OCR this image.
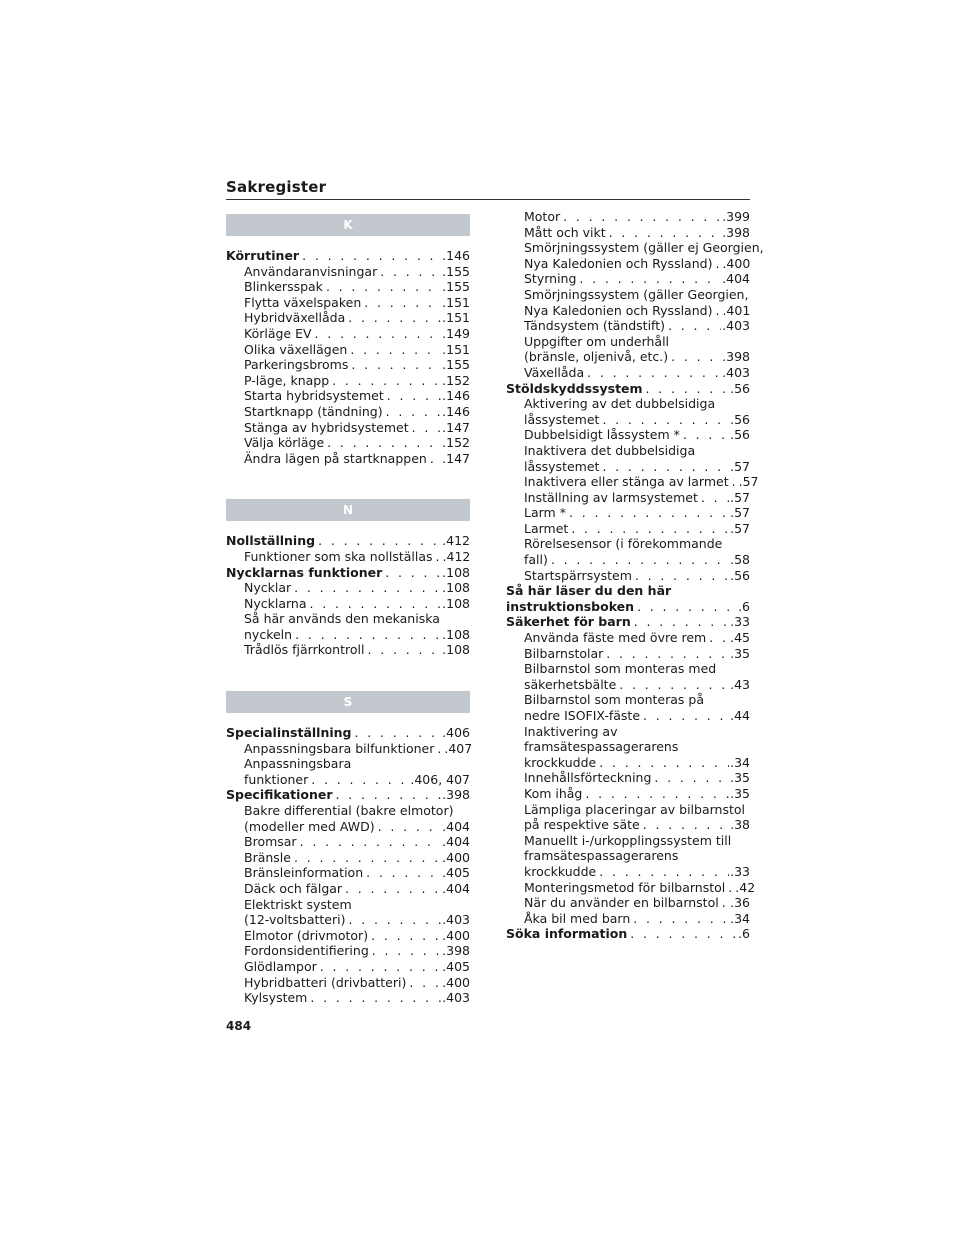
Sakregister
K
Körrutiner . . .	.146
Användaranvisningar . . .	.155
Blinkersspak . . .	.155
Flytta växelspaken . . .	.151
Hybridväxellåda . . .	.151
Körläge EV . . .	.149
Olika växellägen . . .	.151
Parkeringsbroms . . .	.155
P-läge, knapp . . .	.152
Starta hybridsystemet . . .	.146
Startknapp (tändning) . . .	.146
Stänga av hybridsystemet . . .	.147
Välja körläge . . .	.152
Ändra lägen på startknappen . . . .147
N
Nollställning . . .	.412
Funktioner som ska nollställas . . . .412
Nycklarnas funktioner . . .	.108
Nycklar . . .	.108
Nycklarna . . .	.108
Så här används den mekaniska
nyckeln . . .	.108
Trådlös fjärrkontroll . . .	.108
S
Specialinställning . . .	.406
Anpassningsbara bilfunktioner . . . .407
Anpassningsbara
funktioner . . .	.406, 407
Specifikationer . . .	.398
Bakre differential (bakre elmotor)
(modeller med AWD) . . .	.404
Bromsar . . .	.404
Bränsle . . .	.400
Bränsleinformation . . .	.405
Däck och fälgar . . .	.404
Elektriskt system
(12-voltsbatteri) . . .	.403
Elmotor (drivmotor) . . .	.400
Fordonsidentifiering . . .	.398
Glödlampor . . .	.405
Hybridbatteri (drivbatteri) . . .	.400
Kylsystem . . .	.403
Motor . . .	.399
Mått och vikt . . .	.398
Smörjningssystem (gäller ej Georgien,
Nya Kaledonien och Ryssland) . . . .400
Styrning . . .	.404
Smörjningssystem (gäller Georgien,
Nya Kaledonien och Ryssland) . . . .401
Tändsystem (tändstift) . . .	.403
Uppgifter om underhåll
(bränsle, oljenivå, etc.) . . .	.398
Växellåda . . .	.403
Stöldskyddssystem . . .	.56
Aktivering av det dubbelsidiga
låssystemet . . .	.56
Dubbelsidigt låssystem * . . .	.56
Inaktivera det dubbelsidiga
låssystemet . . .	.57
Inaktivera eller stänga av larmet . . . .57
Inställning av larmsystemet . . .	.57
Larm * . . .	.57
Larmet . . .	.57
Rörelsesensor (i förekommande
fall) . . .	.58
Startspärrsystem . . .	.56
Så här läser du den här
instruktionsboken . . .	.6
Säkerhet för barn . . .	.33
Använda fäste med övre rem . . . .45
Bilbarnstolar . . .	.35
Bilbarnstol som monteras med
säkerhetsbälte . . .	.43
Bilbarnstol som monteras på
nedre ISOFIX-fäste . . .	.44
Inaktivering av
framsätespassagerarens
krockkudde . . .	.34
Innehållsförteckning . . .	.35
Kom ihåg . . .	.35
Lämpliga placeringar av bilbarnstol
på respektive säte . . .	.38
Manuellt i-/urkopplingssystem till
framsätespassagerarens
krockkudde . . .	.33
Monteringsmetod för bilbarnstol . . . .42
När du använder en bilbarnstol . . . .36
Åka bil med barn . . .	.34
Söka information . . .	.6
484
